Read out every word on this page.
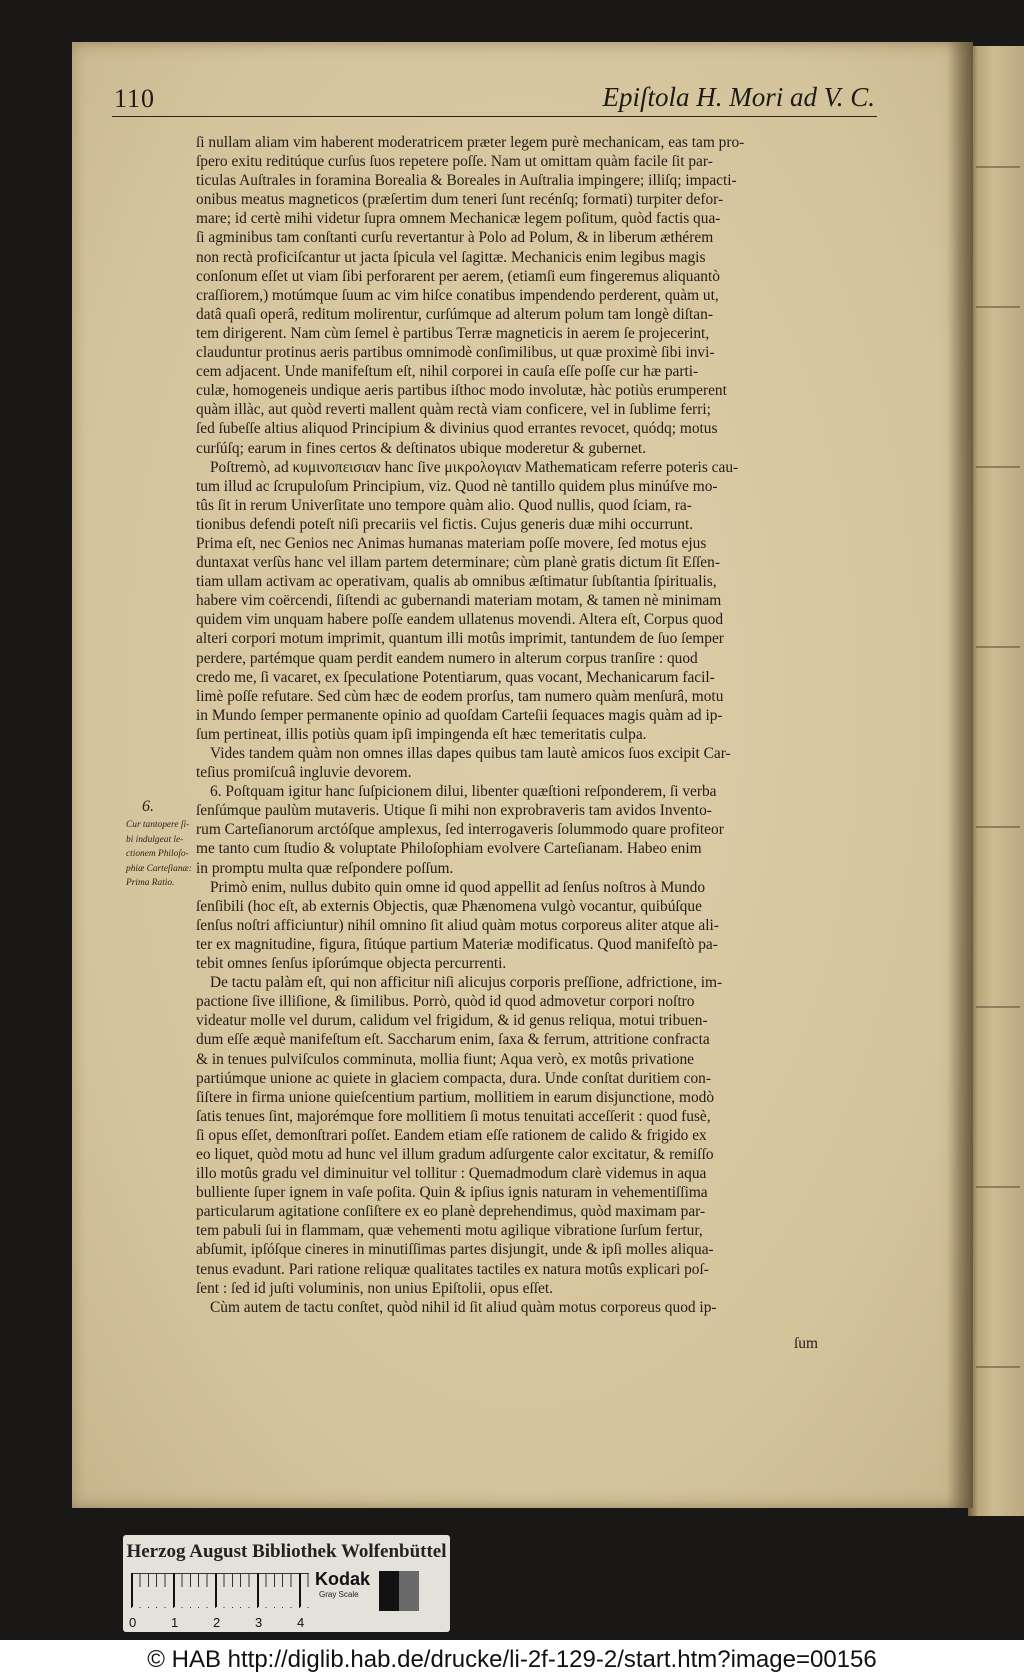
110	Epiſtola H. Mori ad V. C.
6.
Cur tantopere ſi-
bi indulgeat le-
ctionem Philoſo-
phiæ Carteſianæ:
Prima Ratio.
ſi nullam aliam vim haberent moderatricem præter legem purè mechanicam, eas tam pro-
ſpero exitu reditúque curſus ſuos repetere poſſe. Nam ut omittam quàm facile ſit par-
ticulas Auſtrales in foramina Borealia & Boreales in Auſtralia impingere; illiſq; impacti-
onibus meatus magneticos (præſertim dum teneri ſunt recénſq; formati) turpiter defor-
mare; id certè mihi videtur ſupra omnem Mechanicæ legem poſitum, quòd factis qua-
ſi agminibus tam conſtanti curſu revertantur à Polo ad Polum, & in liberum æthérem
non rectà proficiſcantur ut jacta ſpicula vel ſagittæ. Mechanicis enim legibus magis
conſonum eſſet ut viam ſibi perforarent per aerem, (etiamſi eum fingeremus aliquantò
craſſiorem,) motúmque ſuum ac vim hiſce conatibus impendendo perderent, quàm ut,
datâ quaſi operâ, reditum molirentur, curſúmque ad alterum polum tam longè diſtan-
tem dirigerent. Nam cùm ſemel è partibus Terræ magneticis in aerem ſe projecerint,
clauduntur protinus aeris partibus omnimodè conſimilibus, ut quæ proximè ſibi invi-
cem adjacent. Unde manifeſtum eſt, nihil corporei in cauſa eſſe poſſe cur hæ parti-
culæ, homogeneis undique aeris partibus iſthoc modo involutæ, hàc potiùs erumperent
quàm illàc, aut quòd reverti mallent quàm rectà viam conficere, vel in ſublime ferri;
ſed ſubeſſe altius aliquod Principium & divinius quod errantes revocet, quódq; motus
curſúſq; earum in fines certos & deſtinatos ubique moderetur & gubernet.
Poſtremò, ad κυμινοπεισιαν hanc ſive μικρολογιαν Mathematicam referre poteris cau-
tum illud ac ſcrupuloſum Principium, viz. Quod nè tantillo quidem plus minúſve mo-
tûs ſit in rerum Univerſitate uno tempore quàm alio. Quod nullis, quod ſciam, ra-
tionibus defendi poteſt niſi precariis vel fictis. Cujus generis duæ mihi occurrunt.
Prima eſt, nec Genios nec Animas humanas materiam poſſe movere, ſed motus ejus
duntaxat verſùs hanc vel illam partem determinare; cùm planè gratis dictum ſit Eſſen-
tiam ullam activam ac operativam, qualis ab omnibus æſtimatur ſubſtantia ſpiritualis,
habere vim coërcendi, ſiſtendi ac gubernandi materiam motam, & tamen nè minimam
quidem vim unquam habere poſſe eandem ullatenus movendi. Altera eſt, Corpus quod
alteri corpori motum imprimit, quantum illi motûs imprimit, tantundem de ſuo ſemper
perdere, partémque quam perdit eandem numero in alterum corpus tranſire : quod
credo me, ſi vacaret, ex ſpeculatione Potentiarum, quas vocant, Mechanicarum facil-
limè poſſe refutare. Sed cùm hæc de eodem prorſus, tam numero quàm menſurâ, motu
in Mundo ſemper permanente opinio ad quoſdam Carteſii ſequaces magis quàm ad ip-
ſum pertineat, illis potiùs quam ipſi impingenda eſt hæc temeritatis culpa.
Vides tandem quàm non omnes illas dapes quibus tam lautè amicos ſuos excipit Car-
teſius promiſcuâ ingluvie devorem.
6. Poſtquam igitur hanc ſuſpicionem dilui, libenter quæſtioni reſponderem, ſi verba
ſenſúmque paulùm mutaveris. Utique ſi mihi non exprobraveris tam avidos Invento-
rum Carteſianorum arctóſque amplexus, ſed interrogaveris ſolummodo quare profiteor
me tanto cum ſtudio & voluptate Philoſophiam evolvere Carteſianam. Habeo enim
in promptu multa quæ reſpondere poſſum.
Primò enim, nullus dubito quin omne id quod appellit ad ſenſus noſtros à Mundo
ſenſibili (hoc eſt, ab externis Objectis, quæ Phænomena vulgò vocantur, quibúſque
ſenſus noſtri afficiuntur) nihil omnino ſit aliud quàm motus corporeus aliter atque ali-
ter ex magnitudine, figura, ſitúque partium Materiæ modificatus. Quod manifeſtò pa-
tebit omnes ſenſus ipſorúmque objecta percurrenti.
De tactu palàm eſt, qui non afficitur niſi alicujus corporis preſſione, adfrictione, im-
pactione ſive illiſione, & ſimilibus. Porrò, quòd id quod admovetur corpori noſtro
videatur molle vel durum, calidum vel frigidum, & id genus reliqua, motui tribuen-
dum eſſe æquè manifeſtum eſt. Saccharum enim, ſaxa & ferrum, attritione confracta
& in tenues pulviſculos comminuta, mollia fiunt; Aqua verò, ex motûs privatione
partiúmque unione ac quiete in glaciem compacta, dura. Unde conſtat duritiem con-
ſiſtere in firma unione quieſcentium partium, mollitiem in earum disjunctione, modò
ſatis tenues ſint, majorémque fore mollitiem ſi motus tenuitati acceſſerit : quod fusè,
ſi opus eſſet, demonſtrari poſſet. Eandem etiam eſſe rationem de calido & frigido ex
eo liquet, quòd motu ad hunc vel illum gradum adſurgente calor excitatur, & remiſſo
illo motûs gradu vel diminuitur vel tollitur : Quemadmodum clarè videmus in aqua
bulliente ſuper ignem in vaſe poſita. Quin & ipſius ignis naturam in vehementiſſima
particularum agitatione conſiſtere ex eo planè deprehendimus, quòd maximam par-
tem pabuli ſui in flammam, quæ vehementi motu agilique vibratione ſurſum fertur,
abſumit, ipſóſque cineres in minutiſſimas partes disjungit, unde & ipſi molles aliqua-
tenus evadunt. Pari ratione reliquæ qualitates tactiles ex natura motûs explicari poſ-
ſent : ſed id juſti voluminis, non unius Epiſtolii, opus eſſet.
Cùm autem de tactu conſtet, quòd nihil id ſit aliud quàm motus corporeus quod ip-
ſum
Herzog August Bibliothek Wolfenbüttel
0	1	2	3	4
Kodak
Gray Scale
© HAB http://diglib.hab.de/drucke/li-2f-129-2/start.htm?image=00156
